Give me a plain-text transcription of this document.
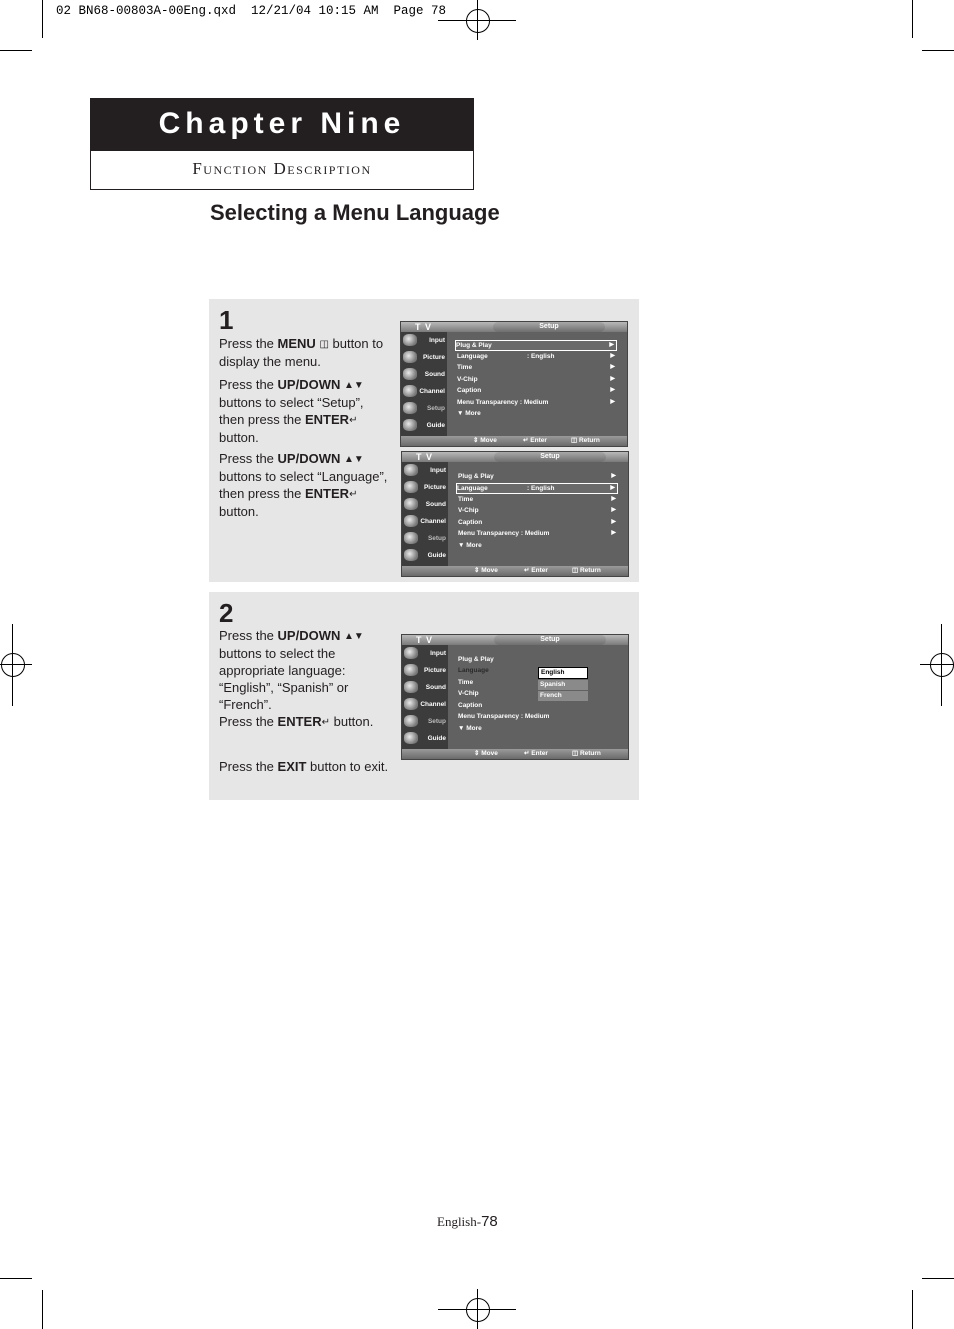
02 BN68-00803A-00Eng.qxd  12/21/04 10:15 AM  Page 78
Chapter Nine
Function Description
Selecting a Menu Language
1
Press the MENU ◫ button to display the menu.
Press the UP/DOWN ▲▼ buttons to select “Setup”, then press the ENTER↵ button.
Press the UP/DOWN ▲▼ buttons to select “Language”, then press the ENTER↵ button.
T V	Setup
Input
Picture
Sound
Channel
Setup
Guide
Plug & Play	▶
Language	: English	▶
Time	▶
V-Chip	▶
Caption	▶
Menu Transparency : Medium	▶
▼ More
⇕ Move	↵ Enter	◫ Return
T V	Setup
Input
Picture
Sound
Channel
Setup
Guide
Plug & Play	▶
Language	: English	▶
Time	▶
V-Chip	▶
Caption	▶
Menu Transparency : Medium	▶
▼ More
⇕ Move	↵ Enter	◫ Return
2
Press the UP/DOWN ▲▼ buttons to select the appropriate language: “English”, “Spanish” or “French”.
Press the ENTER↵ button.
Press the EXIT button to exit.
T V	Setup
Input
Picture
Sound
Channel
Setup
Guide
Plug & Play
Language
Time
V-Chip
Caption
Menu Transparency : Medium
▼ More
English
Spanish
French
⇕ Move	↵ Enter	◫ Return
English-78
